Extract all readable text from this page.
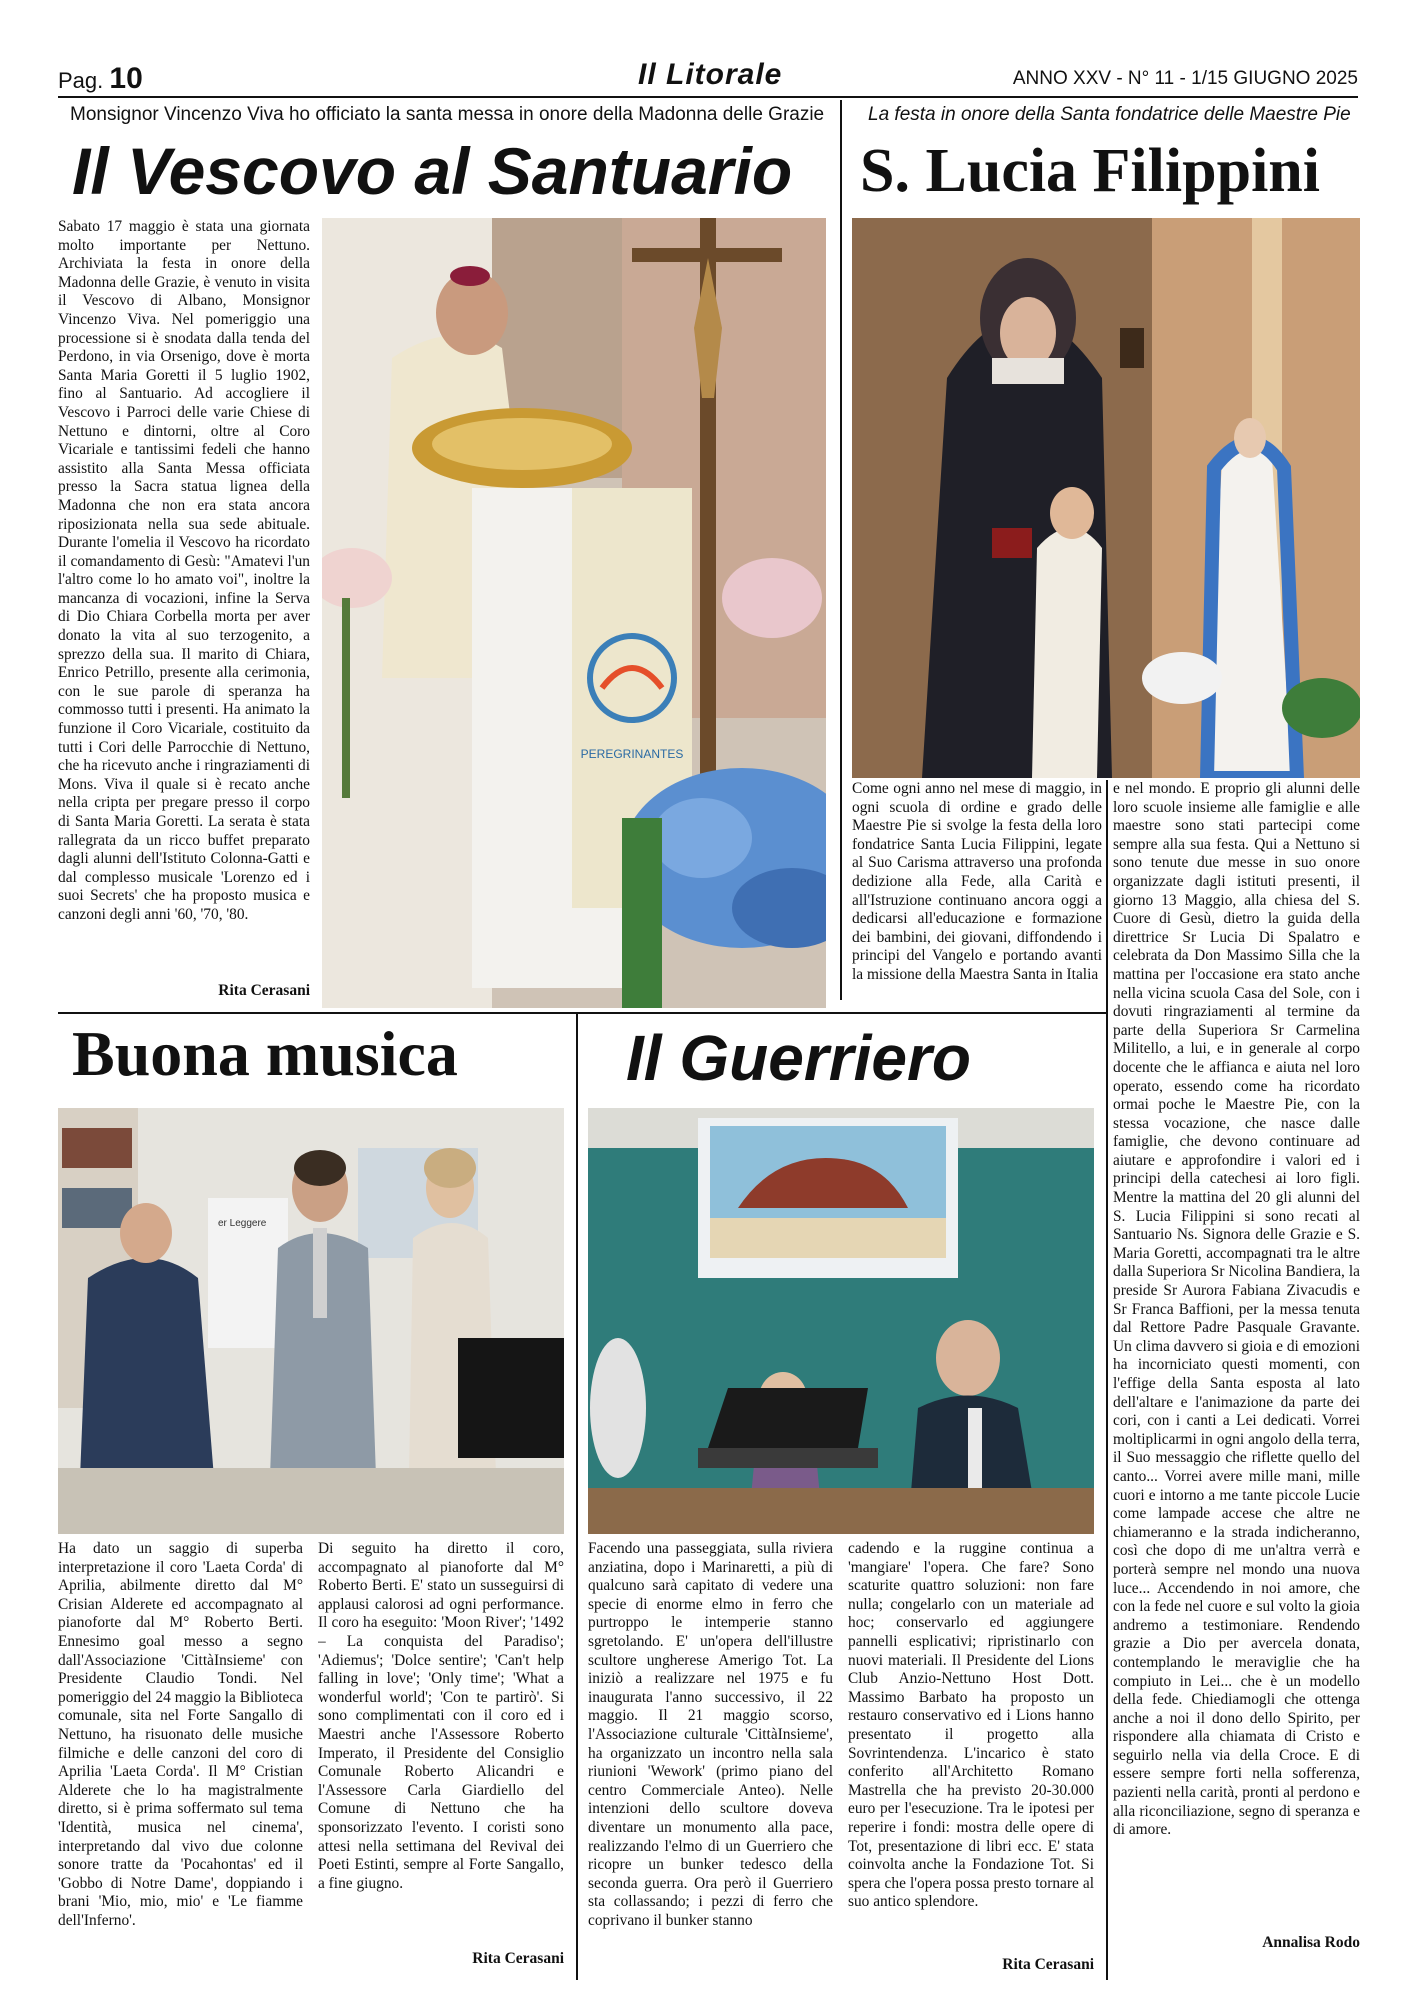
Pag. 10	Il Litorale	ANNO XXV - N° 11 - 1/15 GIUGNO 2025
Monsignor Vincenzo Viva ho officiato la santa messa in onore della Madonna delle Grazie
Il Vescovo al Santuario

Sabato 17 maggio è stata una giornata molto importante per Nettuno. Archiviata la festa in onore della Madonna delle Grazie, è venuto in visita il Vescovo di Albano, Monsignor Vincenzo Viva. Nel pomeriggio una processione si è snodata dalla tenda del Perdono, in via Orsenigo, dove è morta Santa Maria Goretti il 5 luglio 1902, fino al Santuario. Ad accogliere il Vescovo i Parroci delle varie Chiese di Nettuno e dintorni, oltre al Coro Vicariale e tantissimi fedeli che hanno assistito alla Santa Messa officiata presso la Sacra statua lignea della Madonna che non era stata ancora riposizionata nella sua sede abituale. Durante l'omelia il Vescovo ha ricordato il comandamento di Gesù: "Amatevi l'un l'altro come lo ho amato voi", inoltre la mancanza di vocazioni, infine la Serva di Dio Chiara Corbella morta per aver donato la vita al suo terzogenito, a sprezzo della sua. Il marito di Chiara, Enrico Petrillo, presente alla cerimonia, con le sue parole di speranza ha commosso tutti i presenti. Ha animato la funzione il Coro Vicariale, costituito da tutti i Cori delle Parrocchie di Nettuno, che ha ricevuto anche i ringraziamenti di Mons. Viva il quale si è recato anche nella cripta per pregare presso il corpo di Santa Maria Goretti. La serata è stata rallegrata da un ricco buffet preparato dagli alunni dell'Istituto Colonna-Gatti e dal complesso musicale 'Lorenzo ed i suoi Secrets' che ha proposto musica e canzoni degli anni '60, '70, '80.

Rita Cerasani
PEREGRINANTES
La festa in onore della Santa fondatrice delle Maestre Pie
S. Lucia Filippini

Come ogni anno nel mese di maggio, in ogni scuola di ordine e grado delle Maestre Pie si svolge la festa della loro fondatrice Santa Lucia Filippini, legate al Suo Carisma attraverso una profonda dedizione alla Fede, alla Carità e all'Istruzione continuano ancora oggi a dedicarsi all'educazione e formazione dei bambini, dei giovani, diffondendo i principi del Vangelo e portando avanti la missione della Maestra Santa in Italia

e nel mondo. E proprio gli alunni delle loro scuole insieme alle famiglie e alle maestre sono stati partecipi come sempre alla sua festa. Qui a Nettuno si sono tenute due messe in suo onore organizzate dagli istituti presenti, il giorno 13 Maggio, alla chiesa del S. Cuore di Gesù, dietro la guida della direttrice Sr Lucia Di Spalatro e celebrata da Don Massimo Silla che la mattina per l'occasione era stato anche nella vicina scuola Casa del Sole, con i dovuti ringraziamenti al termine da parte della Superiora Sr Carmelina Militello, a lui, e in generale al corpo docente che le affianca e aiuta nel loro operato, essendo come ha ricordato ormai poche le Maestre Pie, con la stessa vocazione, che nasce dalle famiglie, che devono continuare ad aiutare e approfondire i valori ed i principi della catechesi ai loro figli. Mentre la mattina del 20 gli alunni del S. Lucia Filippini si sono recati al Santuario Ns. Signora delle Grazie e S. Maria Goretti, accompagnati tra le altre dalla Superiora Sr Nicolina Bandiera, la preside Sr Aurora Fabiana Zivacudis e Sr Franca Baffioni, per la messa tenuta dal Rettore Padre Pasquale Gravante. Un clima davvero si gioia e di emozioni ha incorniciato questi momenti, con l'effige della Santa esposta al lato dell'altare e l'animazione da parte dei cori, con i canti a Lei dedicati. Vorrei moltiplicarmi in ogni angolo della terra, il Suo messaggio che riflette quello del canto... Vorrei avere mille mani, mille cuori e intorno a me tante piccole Lucie come lampade accese che altre ne chiameranno e la strada indicheranno, così che dopo di me un'altra verrà e porterà sempre nel mondo una nuova luce... Accendendo in noi amore, che con la fede nel cuore e sul volto la gioia andremo a testimoniare. Rendendo grazie a Dio per avercela donata, contemplando le meraviglie che ha compiuto in Lei... che è un modello della fede. Chiediamogli che ottenga anche a noi il dono dello Spirito, per rispondere alla chiamata di Cristo e seguirlo nella via della Croce. E di essere sempre forti nella sofferenza, pazienti nella carità, pronti al perdono e alla riconciliazione, segno di speranza e di amore.

Annalisa Rodo
Buona musica
er Leggere

Ha dato un saggio di superba interpretazione il coro 'Laeta Corda' di Aprilia, abilmente diretto dal M° Crisian Alderete ed accompagnato al pianoforte dal M° Roberto Berti. Ennesimo goal messo a segno dall'Associazione 'CittàInsieme' con Presidente Claudio Tondi. Nel pomeriggio del 24 maggio la Biblioteca comunale, sita nel Forte Sangallo di Nettuno, ha risuonato delle musiche filmiche e delle canzoni del coro di Aprilia 'Laeta Corda'. Il M° Cristian Alderete che lo ha magistralmente diretto, si è prima soffermato sul tema 'Identità, musica nel cinema', interpretando dal vivo due colonne sonore tratte da 'Pocahontas' ed il 'Gobbo di Notre Dame', doppiando i brani 'Mio, mio, mio' e 'Le fiamme dell'Inferno'.

Di seguito ha diretto il coro, accompagnato al pianoforte dal M° Roberto Berti. E' stato un susseguirsi di applausi calorosi ad ogni performance. Il coro ha eseguito: 'Moon River'; '1492 – La conquista del Paradiso'; 'Adiemus'; 'Dolce sentire'; 'Can't help falling in love'; 'Only time'; 'What a wonderful world'; 'Con te partirò'. Si sono complimentati con il coro ed i Maestri anche l'Assessore Roberto Imperato, il Presidente del Consiglio Comunale Roberto Alicandri e l'Assessore Carla Giardiello del Comune di Nettuno che ha sponsorizzato l'evento. I coristi sono attesi nella settimana del Revival dei Poeti Estinti, sempre al Forte Sangallo, a fine giugno.

Rita Cerasani
Il Guerriero

Facendo una passeggiata, sulla riviera anziatina, dopo i Marinaretti, a più di qualcuno sarà capitato di vedere una specie di enorme elmo in ferro che purtroppo le intemperie stanno sgretolando. E' un'opera dell'illustre scultore ungherese Amerigo Tot. La iniziò a realizzare nel 1975 e fu inaugurata l'anno successivo, il 22 maggio. Il 21 maggio scorso, l'Associazione culturale 'CittàInsieme', ha organizzato un incontro nella sala riunioni 'Wework' (primo piano del centro Commerciale Anteo). Nelle intenzioni dello scultore doveva diventare un monumento alla pace, realizzando l'elmo di un Guerriero che ricopre un bunker tedesco della seconda guerra. Ora però il Guerriero sta collassando; i pezzi di ferro che coprivano il bunker stanno

cadendo e la ruggine continua a 'mangiare' l'opera. Che fare? Sono scaturite quattro soluzioni: non fare nulla; congelarlo con un materiale ad hoc; conservarlo ed aggiungere pannelli esplicativi; ripristinarlo con nuovi materiali. Il Presidente del Lions Club Anzio-Nettuno Host Dott. Massimo Barbato ha proposto un restauro conservativo ed i Lions hanno presentato il progetto alla Sovrintendenza. L'incarico è stato conferito all'Architetto Romano Mastrella che ha previsto 20-30.000 euro per l'esecuzione. Tra le ipotesi per reperire i fondi: mostra delle opere di Tot, presentazione di libri ecc. E' stata coinvolta anche la Fondazione Tot. Si spera che l'opera possa presto tornare al suo antico splendore.

Rita Cerasani
